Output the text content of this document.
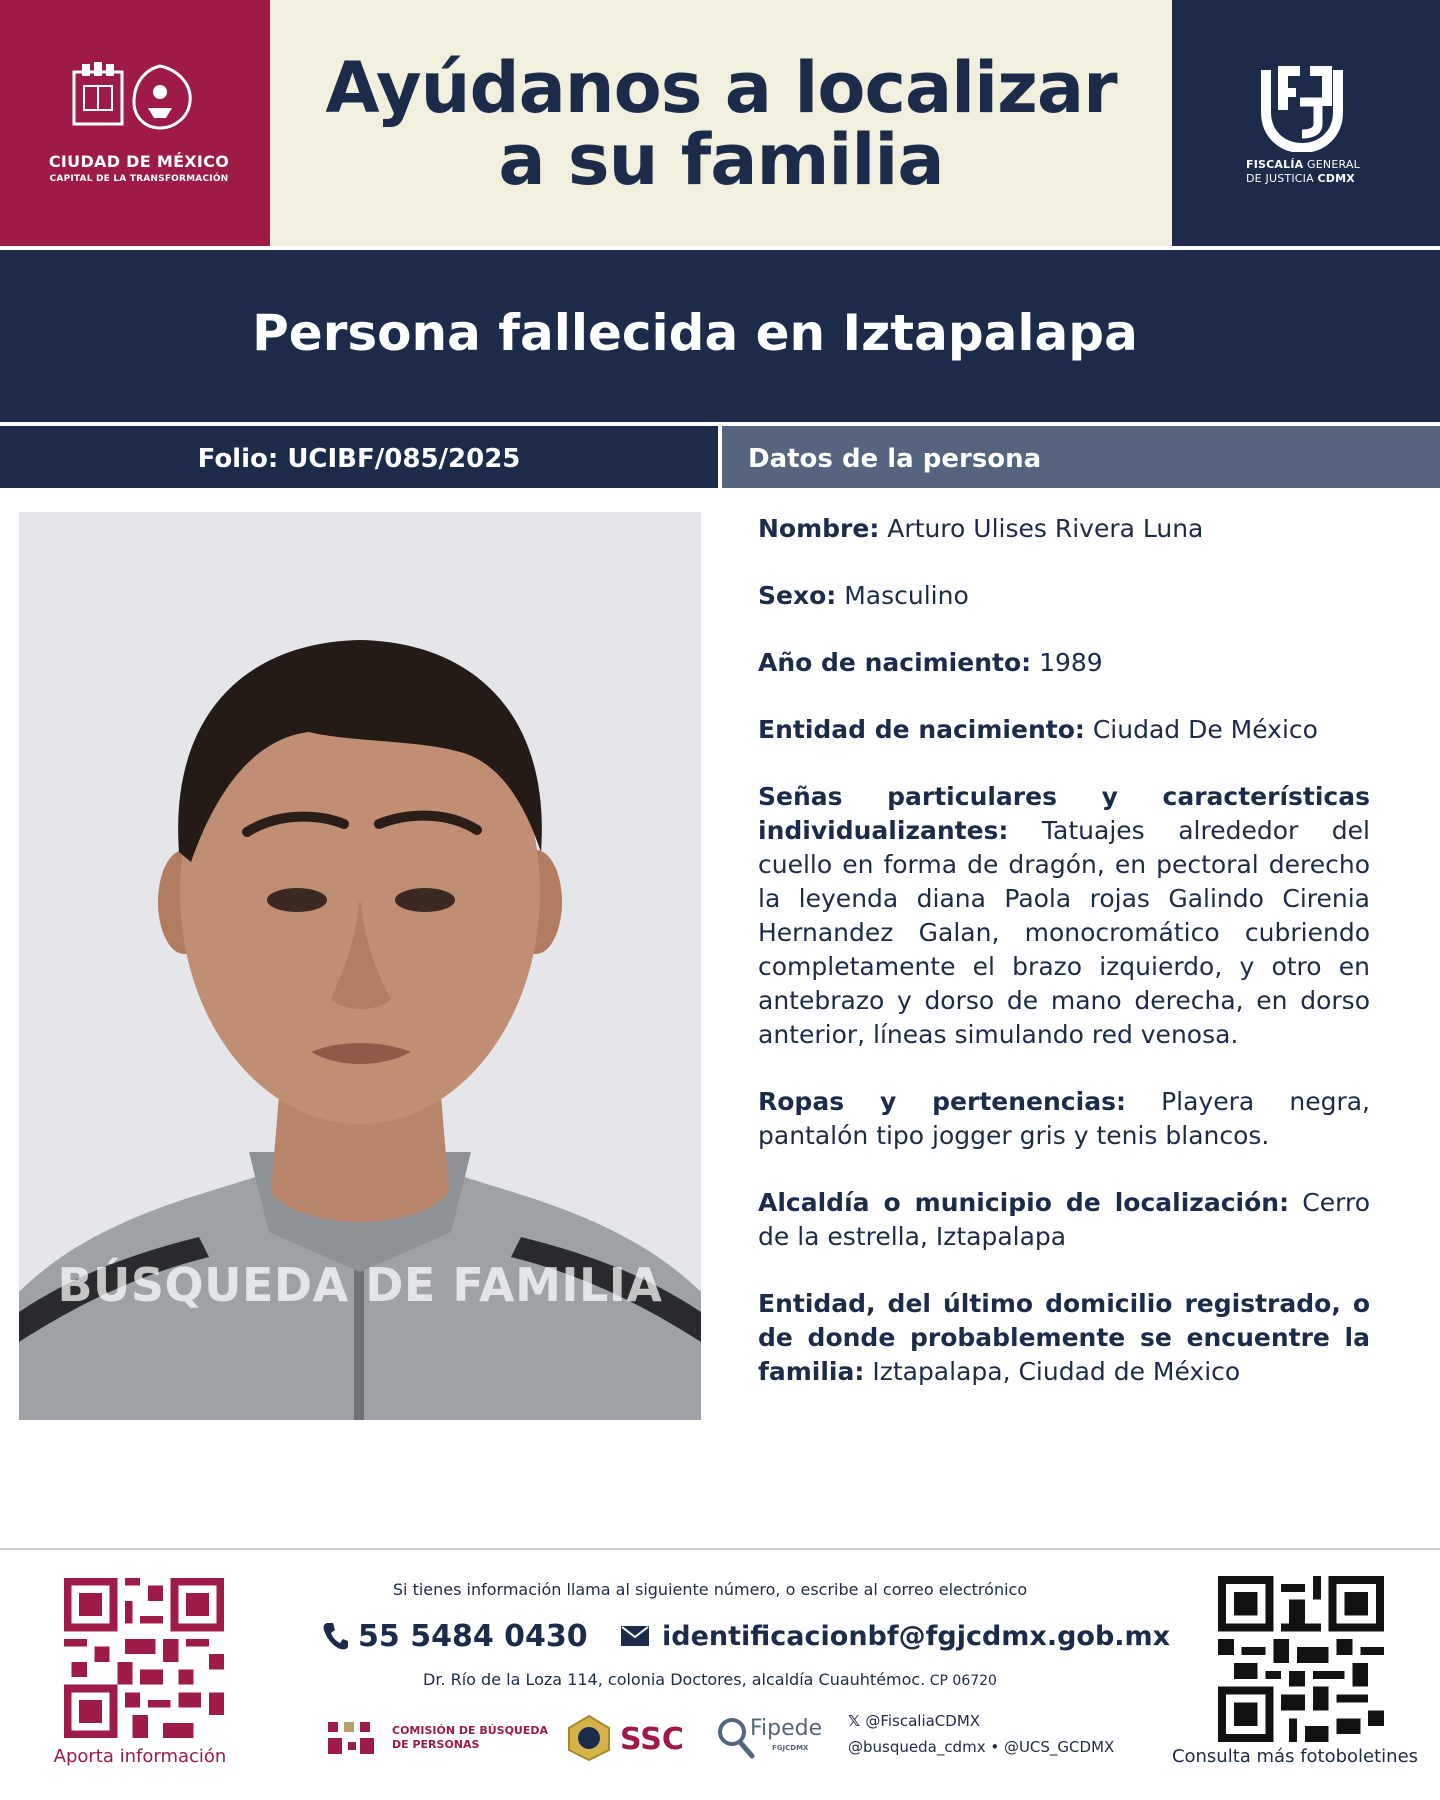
CIUDAD DE MÉXICO
CAPITAL DE LA TRANSFORMACIÓN
Ayúdanos a localizar
a su familia	FISCALÍA GENERAL
DE JUSTICIA CDMX
Persona fallecida en Iztapalapa
Folio: UCIBF/085/2025	Datos de la persona
BÚSQUEDA DE FAMILIA
Nombre: Arturo Ulises Rivera Luna
Sexo: Masculino
Año de nacimiento: 1989
Entidad de nacimiento: Ciudad De México
Señas particulares y características individualizantes: Tatuajes alrededor del cuello en forma de dragón, en pectoral derecho la leyenda diana Paola rojas Galindo Cirenia Hernandez Galan, monocromático cubriendo completamente el brazo izquierdo, y otro en antebrazo y dorso de mano derecha, en dorso anterior, líneas simulando red venosa.
Ropas y pertenencias: Playera negra, pantalón tipo jogger gris y tenis blancos.
Alcaldía o municipio de localización: Cerro de la estrella, Iztapalapa
Entidad, del último domicilio registrado, o de donde probablemente se encuentre la familia: Iztapalapa, Ciudad de México
Aporta información
Si tienes información llama al siguiente número, o escribe al correo electrónico
55 5484 0430	identificacionbf@fgjcdmx.gob.mx
Dr. Río de la Loza 114, colonia Doctores, alcaldía Cuauhtémoc. CP 06720
COMISIÓN DE BÚSQUEDA
DE PERSONAS	SSC	Fipede
FGJCDMX
𝕏 @FiscaliaCDMX
@busqueda_cdmx • @UCS_GCDMX	Consulta más fotoboletines
